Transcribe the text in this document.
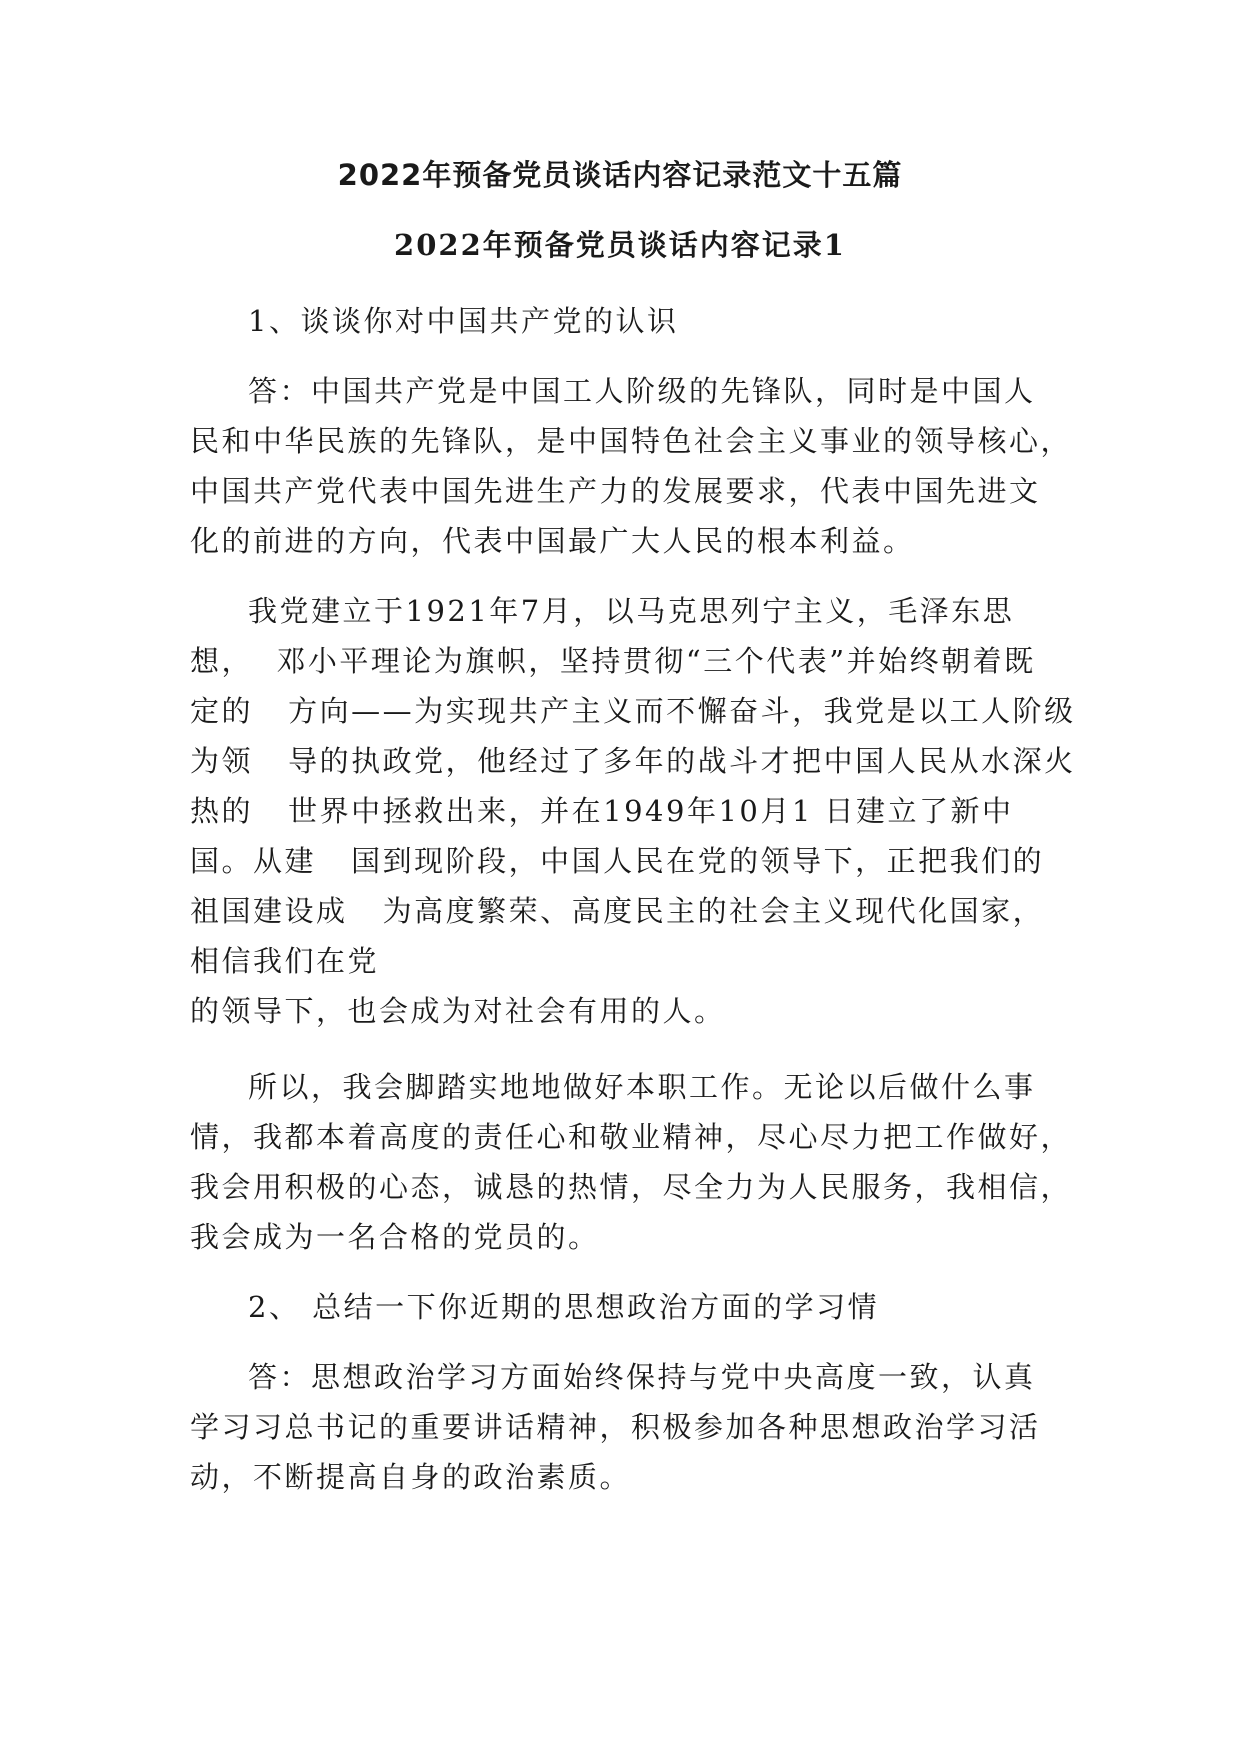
2022年预备党员谈话内容记录范文十五篇
2022年预备党员谈话内容记录1
1、谈谈你对中国共产党的认识
答：中国共产党是中国工人阶级的先锋队，同时是中国人
民和中华民族的先锋队，是中国特色社会主义事业的领导核心，
中国共产党代表中国先进生产力的发展要求，代表中国先进文
化的前进的方向，代表中国最广大人民的根本利益。
我党建立于1921年7月，以马克思列宁主义，毛泽东思
想，  邓小平理论为旗帜，坚持贯彻“三个代表”并始终朝着既
定的   方向——为实现共产主义而不懈奋斗，我党是以工人阶级
为领   导的执政党，他经过了多年的战斗才把中国人民从水深火
热的   世界中拯救出来，并在1949年10月1 日建立了新中
国。从建   国到现阶段，中国人民在党的领导下，正把我们的
祖国建设成   为高度繁荣、高度民主的社会主义现代化国家，
相信我们在党
的领导下，也会成为对社会有用的人。
所以，我会脚踏实地地做好本职工作。无论以后做什么事
情，我都本着高度的责任心和敬业精神，尽心尽力把工作做好，
我会用积极的心态，诚恳的热情，尽全力为人民服务，我相信，
我会成为一名合格的党员的。
2、 总结一下你近期的思想政治方面的学习情
答：思想政治学习方面始终保持与党中央高度一致，认真
学习习总书记的重要讲话精神，积极参加各种思想政治学习活
动，不断提高自身的政治素质。
